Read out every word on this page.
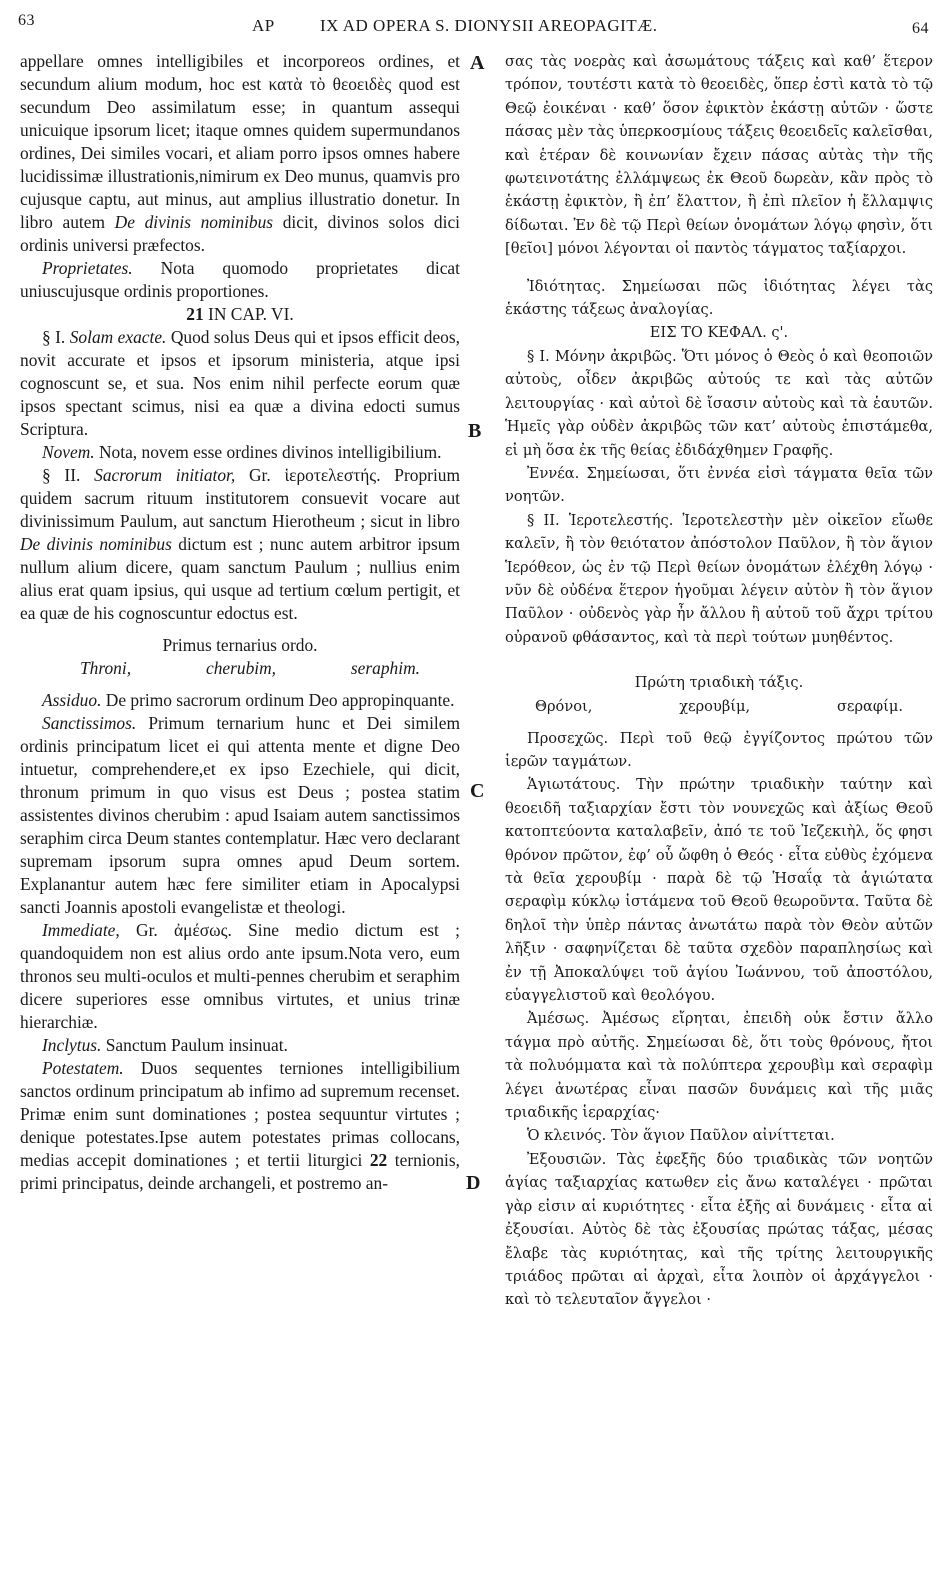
63	AP	IX AD OPERA S. DIONYSII AREOPAGITÆ.	64
A
B
C
D

appellare omnes intelligibiles et incorporeos ordines, et secundum alium modum, hoc est κατὰ τὸ θεοειδὲς quod est secundum Deo assimilatum esse; in quantum assequi unicuique ipsorum licet; itaque omnes quidem supermundanos ordines, Dei similes vocari, et aliam porro ipsos omnes habere lucidissimæ illustrationis,nimirum ex Deo munus, quamvis pro cujusque captu, aut minus, aut amplius illustratio donetur. In libro autem De divinis nominibus dicit, divinos solos dici ordinis universi præfectos.

Proprietates. Nota quomodo proprietates dicat uniuscujusque ordinis proportiones.

21 IN CAP. VI.

§ I. Solam exacte. Quod solus Deus qui et ipsos efficit deos, novit accurate et ipsos et ipsorum ministeria, atque ipsi cognoscunt se, et sua. Nos enim nihil perfecte eorum quæ ipsos spectant scimus, nisi ea quæ a divina edocti sumus Scriptura.

Novem. Nota, novem esse ordines divinos intelligibilium.

§ II. Sacrorum initiator, Gr. ἱεροτελεστής. Proprium quidem sacrum rituum institutorem consuevit vocare aut divinissimum Paulum, aut sanctum Hierotheum ; sicut in libro De divinis nominibus dictum est ; nunc autem arbitror ipsum nullum alium dicere, quam sanctum Paulum ; nullius enim alius erat quam ipsius, qui usque ad tertium cœlum pertigit, et ea quæ de his cognoscuntur edoctus est.

Primus ternarius ordo.

Throni,	cherubim,	seraphim.

Assiduo. De primo sacrorum ordinum Deo appropinquante.

Sanctissimos. Primum ternarium hunc et Dei similem ordinis principatum licet ei qui attenta mente et digne Deo intuetur, comprehendere,et ex ipso Ezechiele, qui dicit, thronum primum in quo visus est Deus ; postea statim assistentes divinos cherubim : apud Isaiam autem sanctissimos seraphim circa Deum stantes contemplatur. Hæc vero declarant supremam ipsorum supra omnes apud Deum sortem. Explanantur autem hæc fere similiter etiam in Apocalypsi sancti Joannis apostoli evangelistæ et theologi.

Immediate, Gr. ἀμέσως. Sine medio dictum est ; quandoquidem non est alius ordo ante ipsum.Nota vero, eum thronos seu multi-oculos et multi-pennes cherubim et seraphim dicere superiores esse omnibus virtutes, et unius trinæ hierarchiæ.

Inclytus. Sanctum Paulum insinuat.

Potestatem. Duos sequentes terniones intelligibilium sanctos ordinum principatum ab infimo ad supremum recenset. Primæ enim sunt dominationes ; postea sequuntur virtutes ; denique potestates.Ipse autem potestates primas collocans, medias accepit dominationes ; et tertii liturgici 22 ternionis, primi principatus, deinde archangeli, et postremo an-

σας τὰς νοερὰς καὶ ἀσωμάτους τάξεις καὶ καθ’ ἕτερον τρόπον, τουτέστι κατὰ τὸ θεοειδὲς, ὅπερ ἐστὶ κατὰ τὸ τῷ Θεῷ ἐοικέναι · καθ’ ὅσον ἐφικτὸν ἑκάστῃ αὐτῶν · ὥστε πάσας μὲν τὰς ὑπερκοσμίους τάξεις θεοειδεῖς καλεῖσθαι, καὶ ἑτέραν δὲ κοινωνίαν ἔχειν πάσας αὐτὰς τὴν τῆς φωτεινοτάτης ἐλλάμψεως ἐκ Θεοῦ δωρεὰν, κἂν πρὸς τὸ ἑκάστῃ ἐφικτὸν, ἢ ἐπ’ ἔλαττον, ἢ ἐπὶ πλεῖον ἡ ἔλλαμψις δίδωται. Ἐν δὲ τῷ Περὶ θείων ὀνομάτων λόγῳ φησὶν, ὅτι [θεῖοι] μόνοι λέγονται οἱ παντὸς τάγματος ταξίαρχοι.

Ἰδιότητας. Σημείωσαι πῶς ἰδιότητας λέγει τὰς ἑκάστης τάξεως ἀναλογίας.

ΕΙΣ ΤΟ ΚΕΦΑΛ. ς'.

§ I. Μόνην ἀκριβῶς. Ὅτι μόνος ὁ Θεὸς ὁ καὶ θεοποιῶν αὐτοὺς, οἶδεν ἀκριβῶς αὐτούς τε καὶ τὰς αὐτῶν λειτουργίας · καὶ αὐτοὶ δὲ ἴσασιν αὐτοὺς καὶ τὰ ἑαυτῶν. Ἡμεῖς γὰρ οὐδὲν ἀκριβῶς τῶν κατ’ αὐτοὺς ἐπιστάμεθα, εἰ μὴ ὅσα ἐκ τῆς θείας ἐδιδάχθημεν Γραφῆς.

Ἐννέα. Σημείωσαι, ὅτι ἐννέα εἰσὶ τάγματα θεῖα τῶν νοητῶν.

§ II. Ἱεροτελεστής. Ἱεροτελεστὴν μὲν οἰκεῖον εἴωθε καλεῖν, ἢ τὸν θειότατον ἀπόστολον Παῦλον, ἢ τὸν ἅγιον Ἱερόθεον, ὡς ἐν τῷ Περὶ θείων ὀνομάτων ἐλέχθη λόγῳ · νῦν δὲ οὐδένα ἕτερον ἡγοῦμαι λέγειν αὐτὸν ἢ τὸν ἅγιον Παῦλον · οὐδενὸς γὰρ ἦν ἄλλου ἢ αὐτοῦ τοῦ ἄχρι τρίτου οὐρανοῦ φθάσαντος, καὶ τὰ περὶ τούτων μυηθέντος.

Πρώτη τριαδικὴ τάξις.

Θρόνοι,	χερουβίμ,	σεραφίμ.

Προσεχῶς. Περὶ τοῦ θεῷ ἐγγίζοντος πρώτου τῶν ἱερῶν ταγμάτων.

Ἁγιωτάτους. Τὴν πρώτην τριαδικὴν ταύτην καὶ θεοειδῆ ταξιαρχίαν ἔστι τὸν νουνεχῶς καὶ ἀξίως Θεοῦ κατοπτεύοντα καταλαβεῖν, ἀπό τε τοῦ Ἰεζεκιὴλ, ὅς φησι θρόνον πρῶτον, ἐφ’ οὗ ὤφθη ὁ Θεός · εἶτα εὐθὺς ἐχόμενα τὰ θεῖα χερουβίμ · παρὰ δὲ τῷ Ἡσαΐᾳ τὰ ἁγιώτατα σεραφὶμ κύκλῳ ἱστάμενα τοῦ Θεοῦ θεωροῦντα. Ταῦτα δὲ δηλοῖ τὴν ὑπὲρ πάντας ἀνωτάτω παρὰ τὸν Θεὸν αὐτῶν λῆξιν · σαφηνίζεται δὲ ταῦτα σχεδὸν παραπλησίως καὶ ἐν τῇ Ἀποκαλύψει τοῦ ἁγίου Ἰωάννου, τοῦ ἀποστόλου, εὐαγγελιστοῦ καὶ θεολόγου.

Ἀμέσως. Ἀμέσως εἴρηται, ἐπειδὴ οὐκ ἔστιν ἄλλο τάγμα πρὸ αὐτῆς. Σημείωσαι δὲ, ὅτι τοὺς θρόνους, ἤτοι τὰ πολυόμματα καὶ τὰ πολύπτερα χερουβὶμ καὶ σεραφὶμ λέγει ἀνωτέρας εἶναι πασῶν δυνάμεις καὶ τῆς μιᾶς τριαδικῆς ἱεραρχίας·

Ὁ κλεινός. Τὸν ἅγιον Παῦλον αἰνίττεται.

Ἐξουσιῶν. Τὰς ἐφεξῆς δύο τριαδικὰς τῶν νοητῶν ἁγίας ταξιαρχίας κατωθεν εἰς ἄνω καταλέγει · πρῶται γὰρ εἰσιν αἱ κυριότητες · εἶτα ἑξῆς αἱ δυνάμεις · εἶτα αἱ ἐξουσίαι. Αὐτὸς δὲ τὰς ἐξουσίας πρώτας τάξας, μέσας ἔλαβε τὰς κυριότητας, καὶ τῆς τρίτης λειτουργικῆς τριάδος πρῶται αἱ ἀρχαὶ, εἶτα λοιπὸν οἱ ἀρχάγγελοι · καὶ τὸ τελευταῖον ἄγγελοι ·
